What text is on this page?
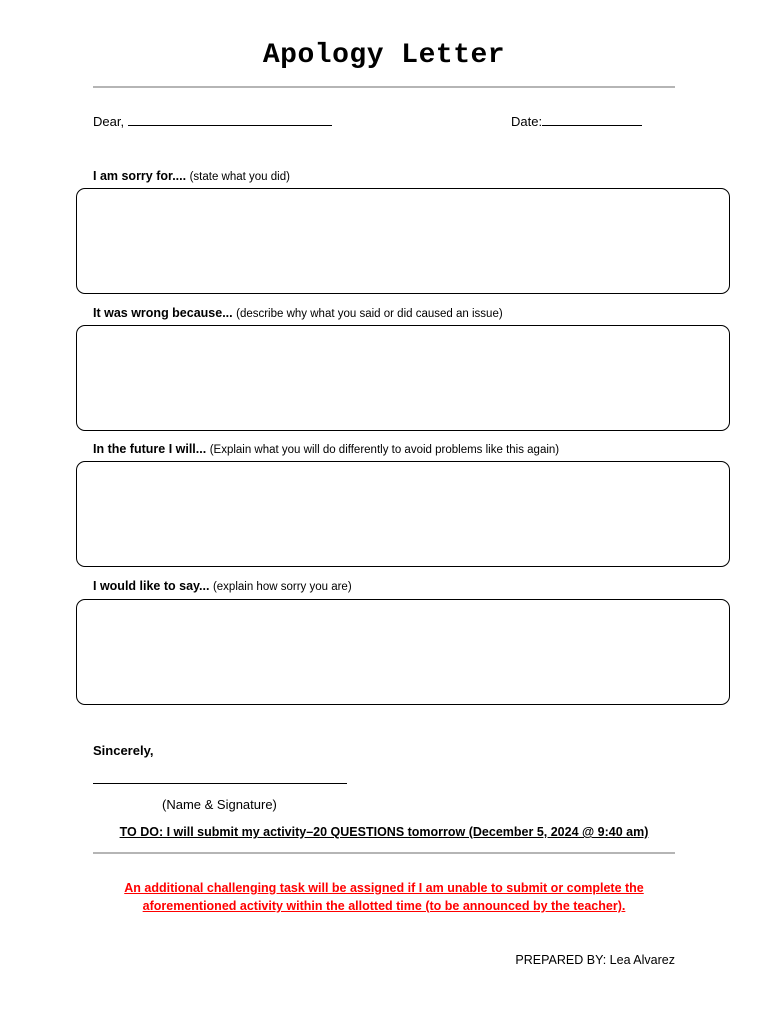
Apology Letter
Dear,	Date:
I am sorry for.... (state what you did)
It was wrong because... (describe why what you said or did caused an issue)
In the future I will... (Explain what you will do differently to avoid problems like this again)
I would like to say... (explain how sorry you are)
Sincerely,
(Name & Signature)
TO DO: I will submit my activity–20 QUESTIONS tomorrow (December 5, 2024 @ 9:40 am)
An additional challenging task will be assigned if I am unable to submit or complete the aforementioned activity within the allotted time (to be announced by the teacher).
PREPARED BY: Lea Alvarez
